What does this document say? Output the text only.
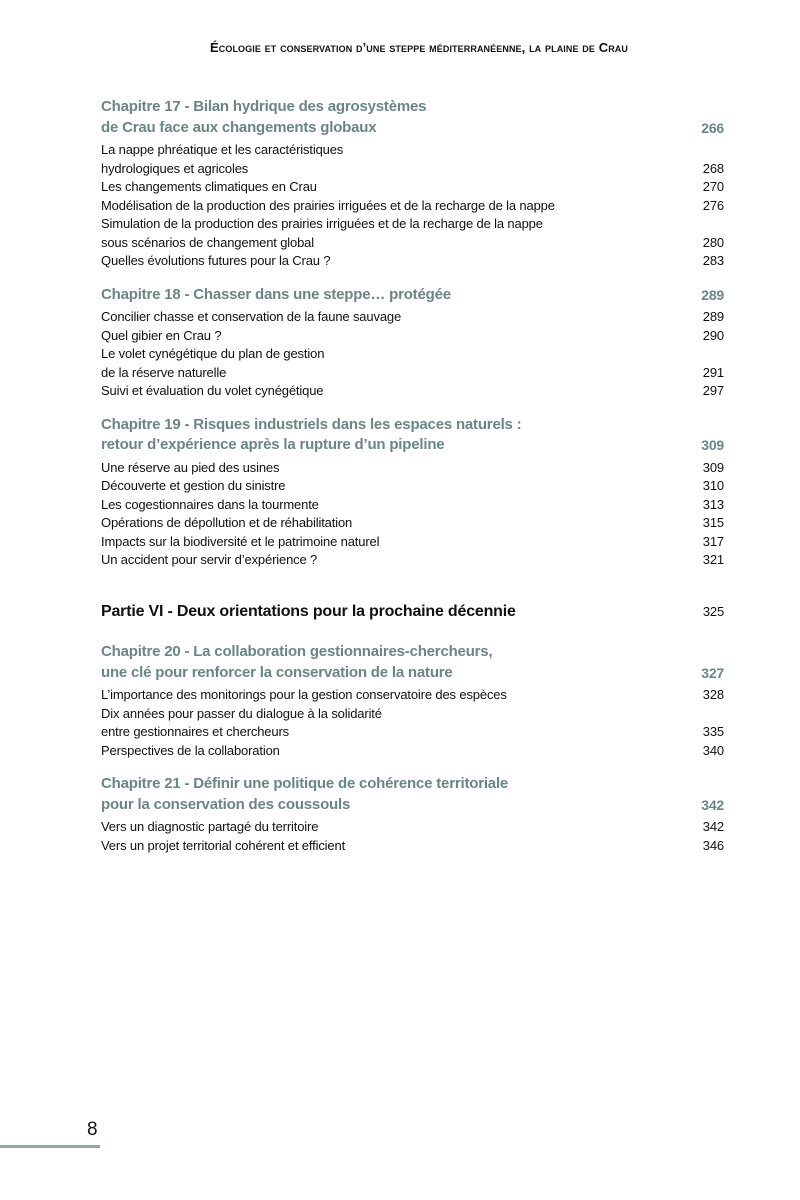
Écologie et conservation d’une steppe méditerranéenne, la plaine de Crau
Chapitre 17 - Bilan hydrique des agrosystèmes
de Crau face aux changements globaux	266
La nappe phréatique et les caractéristiques
hydrologiques et agricoles	268
Les changements climatiques en Crau	270
Modélisation de la production des prairies irriguées et de la recharge de la nappe	276
Simulation de la production des prairies irriguées et de la recharge de la nappe
sous scénarios de changement global	280
Quelles évolutions futures pour la Crau ?	283
Chapitre 18 - Chasser dans une steppe… protégée	289
Concilier chasse et conservation de la faune sauvage	289
Quel gibier en Crau ?	290
Le volet cynégétique du plan de gestion
de la réserve naturelle	291
Suivi et évaluation du volet cynégétique	297
Chapitre 19 - Risques industriels dans les espaces naturels :
retour d’expérience après la rupture d’un pipeline	309
Une réserve au pied des usines	309
Découverte et gestion du sinistre	310
Les cogestionnaires dans la tourmente	313
Opérations de dépollution et de réhabilitation	315
Impacts sur la biodiversité et le patrimoine naturel	317
Un accident pour servir d’expérience ?	321
Partie VI - Deux orientations pour la prochaine décennie	325
Chapitre 20 - La collaboration gestionnaires-chercheurs,
une clé pour renforcer la conservation de la nature	327
L’importance des monitorings pour la gestion conservatoire des espèces	328
Dix années pour passer du dialogue à la solidarité
entre gestionnaires et chercheurs	335
Perspectives de la collaboration	340
Chapitre 21 - Définir une politique de cohérence territoriale
pour la conservation des coussouls	342
Vers un diagnostic partagé du territoire	342
Vers un projet territorial cohérent et efficient	346
8
